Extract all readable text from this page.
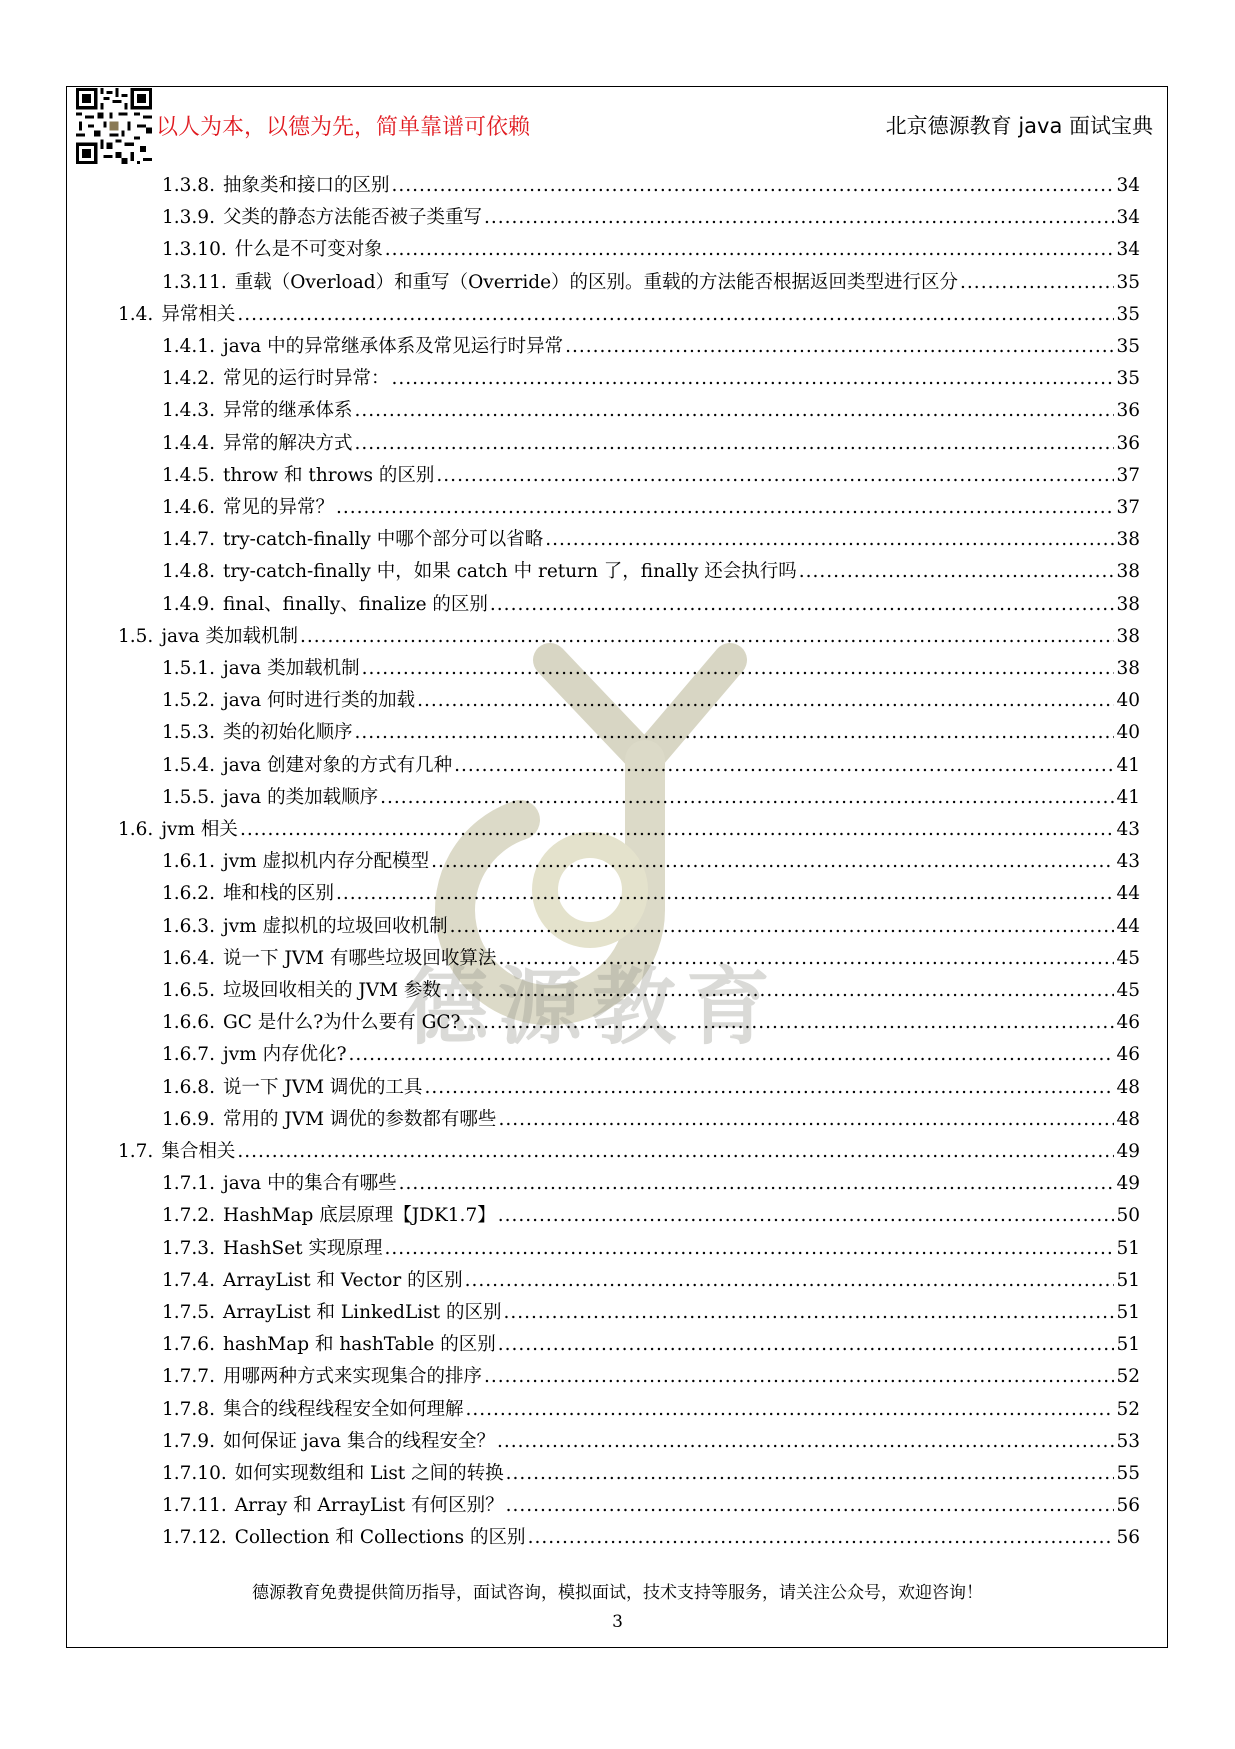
以人为本，以德为先，简单靠谱可依赖	北京德源教育 java 面试宝典
德源教育
1.3.8. 抽象类和接口的区别 .....	34
1.3.9. 父类的静态方法能否被子类重写 .....	34
1.3.10. 什么是不可变对象 .....	34
1.3.11. 重载（Overload）和重写（Override）的区别。重载的方法能否根据返回类型进行区分 .....	35
1.4. 异常相关 .....	35
1.4.1. java 中的异常继承体系及常见运行时异常 .....	35
1.4.2. 常见的运行时异常： .....	35
1.4.3. 异常的继承体系 .....	36
1.4.4. 异常的解决方式 .....	36
1.4.5. throw 和 throws 的区别 .....	37
1.4.6. 常见的异常？ .....	37
1.4.7. try-catch-finally 中哪个部分可以省略 .....	38
1.4.8. try-catch-finally 中，如果 catch 中 return 了，finally 还会执行吗 .....	38
1.4.9. final、finally、finalize 的区别 .....	38
1.5. java 类加载机制 .....	38
1.5.1. java 类加载机制 .....	38
1.5.2. java 何时进行类的加载 .....	40
1.5.3. 类的初始化顺序 .....	40
1.5.4. java 创建对象的方式有几种 .....	41
1.5.5. java 的类加载顺序 .....	41
1.6. jvm 相关 .....	43
1.6.1. jvm 虚拟机内存分配模型 .....	43
1.6.2. 堆和栈的区别 .....	44
1.6.3. jvm 虚拟机的垃圾回收机制 .....	44
1.6.4. 说一下 JVM 有哪些垃圾回收算法 .....	45
1.6.5. 垃圾回收相关的 JVM 参数 .....	45
1.6.6. GC 是什么?为什么要有 GC? .....	46
1.6.7. jvm 内存优化? .....	46
1.6.8. 说一下 JVM 调优的工具 .....	48
1.6.9. 常用的 JVM 调优的参数都有哪些 .....	48
1.7. 集合相关 .....	49
1.7.1. java 中的集合有哪些 .....	49
1.7.2. HashMap 底层原理【JDK1.7】 .....	50
1.7.3. HashSet 实现原理 .....	51
1.7.4. ArrayList 和 Vector 的区别 .....	51
1.7.5. ArrayList 和 LinkedList 的区别 .....	51
1.7.6. hashMap 和 hashTable 的区别 .....	51
1.7.7. 用哪两种方式来实现集合的排序 .....	52
1.7.8. 集合的线程线程安全如何理解 .....	52
1.7.9. 如何保证 java 集合的线程安全？ .....	53
1.7.10. 如何实现数组和 List 之间的转换 .....	55
1.7.11. Array 和 ArrayList 有何区别？ .....	56
1.7.12. Collection 和 Collections 的区别 .....	56
德源教育免费提供简历指导，面试咨询，模拟面试，技术支持等服务，请关注公众号，欢迎咨询！
3
